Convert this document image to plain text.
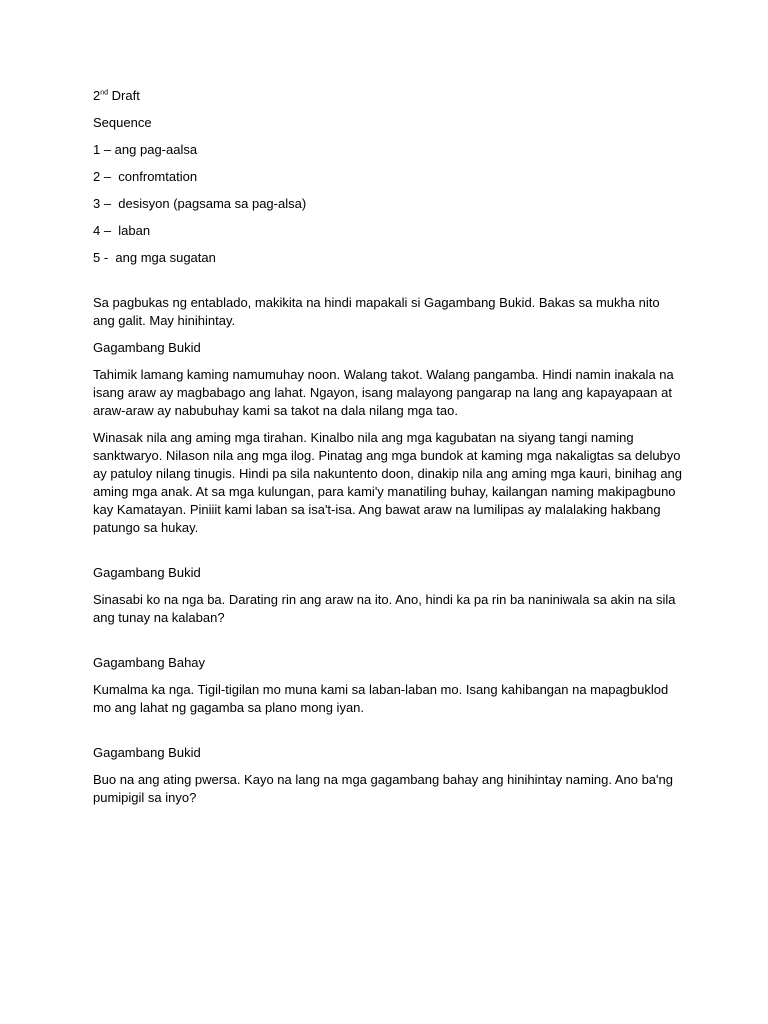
2nd Draft

Sequence

1 – ang pag-aalsa

2 –  confromtation

3 –  desisyon (pagsama sa pag-alsa)

4 –  laban

5 -  ang mga sugatan

Sa pagbukas ng entablado, makikita na hindi mapakali si Gagambang Bukid. Bakas sa mukha nito ang galit. May hinihintay.

Gagambang Bukid

Tahimik lamang kaming namumuhay noon. Walang takot. Walang pangamba. Hindi namin inakala na isang araw ay magbabago ang lahat. Ngayon, isang malayong pangarap na lang ang kapayapaan at araw-araw ay nabubuhay kami sa takot na dala nilang mga tao.

Winasak nila ang aming mga tirahan. Kinalbo nila ang mga kagubatan na siyang tangi naming sanktwaryo. Nilason nila ang mga ilog. Pinatag ang mga bundok at kaming mga nakaligtas sa delubyo ay patuloy nilang tinugis. Hindi pa sila nakuntento doon, dinakip nila ang aming mga kauri, binihag ang aming mga anak. At sa mga kulungan, para kami'y manatiling buhay, kailangan naming makipagbuno kay Kamatayan. Piniiit kami laban sa isa't-isa. Ang bawat araw na lumilipas ay malalaking hakbang patungo sa hukay.

Gagambang Bukid

Sinasabi ko na nga ba. Darating rin ang araw na ito. Ano, hindi ka pa rin ba naniniwala sa akin na sila ang tunay na kalaban?

Gagambang Bahay

Kumalma ka nga. Tigil-tigilan mo muna kami sa laban-laban mo. Isang kahibangan na mapagbuklod mo ang lahat ng gagamba sa plano mong iyan.

Gagambang Bukid

Buo na ang ating pwersa. Kayo na lang na mga gagambang bahay ang hinihintay naming. Ano ba'ng pumipigil sa inyo?
